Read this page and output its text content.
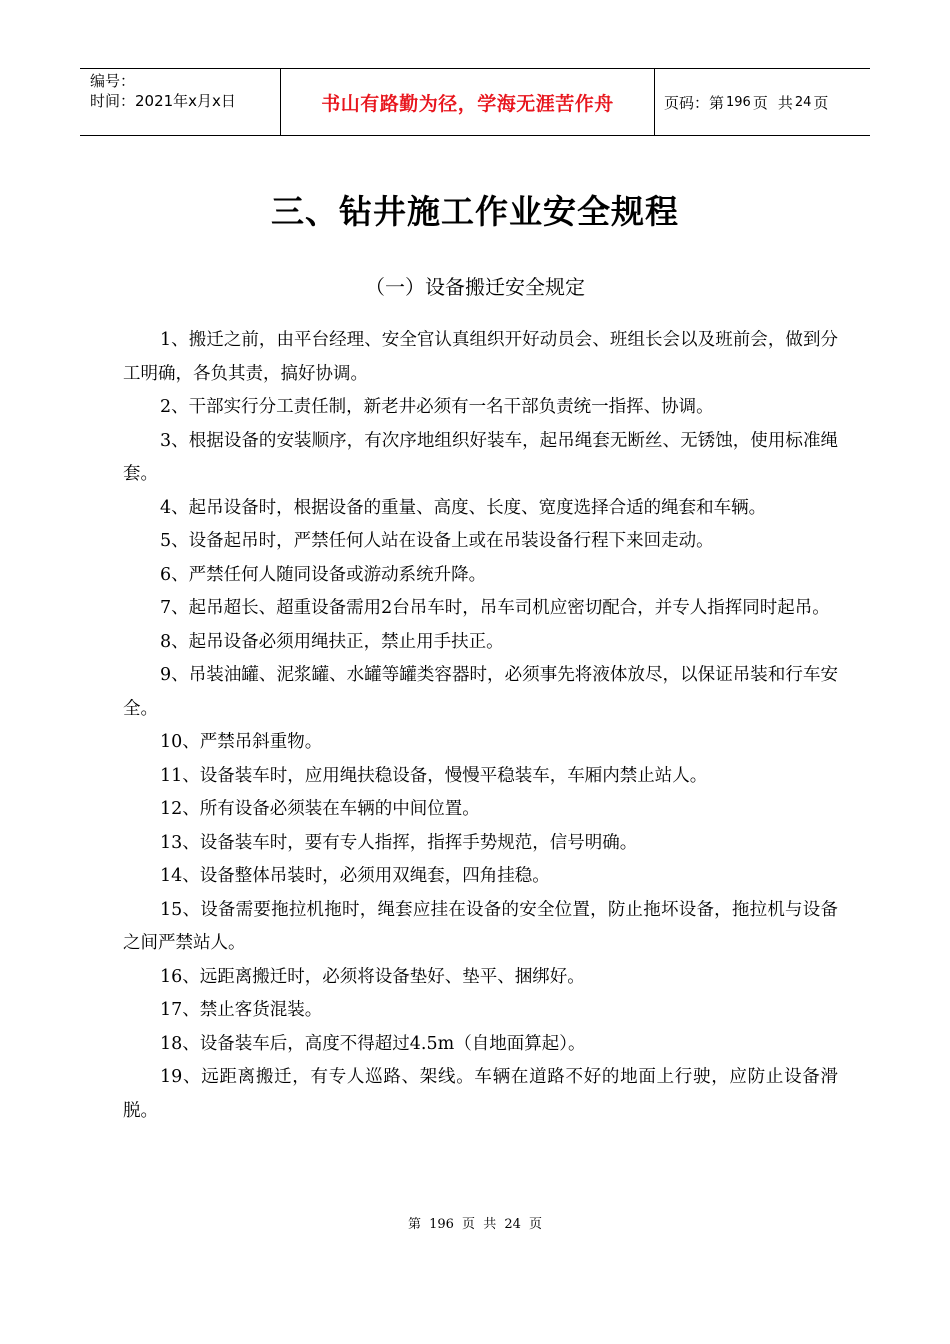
编号：
时间：2021年x月x日	书山有路勤为径，学海无涯苦作舟	页码：第 196 页 共 24 页
三、钻井施工作业安全规程
（一）设备搬迁安全规定

1、搬迁之前，由平台经理、安全官认真组织开好动员会、班组长会以及班前会，做到分工明确，各负其责，搞好协调。

2、干部实行分工责任制，新老井必须有一名干部负责统一指挥、协调。

3、根据设备的安装顺序，有次序地组织好装车，起吊绳套无断丝、无锈蚀，使用标准绳套。

4、起吊设备时，根据设备的重量、高度、长度、宽度选择合适的绳套和车辆。

5、设备起吊时，严禁任何人站在设备上或在吊装设备行程下来回走动。

6、严禁任何人随同设备或游动系统升降。

7、起吊超长、超重设备需用2台吊车时，吊车司机应密切配合，并专人指挥同时起吊。

8、起吊设备必须用绳扶正，禁止用手扶正。

9、吊装油罐、泥浆罐、水罐等罐类容器时，必须事先将液体放尽，以保证吊装和行车安全。

10、严禁吊斜重物。

11、设备装车时，应用绳扶稳设备，慢慢平稳装车，车厢内禁止站人。

12、所有设备必须装在车辆的中间位置。

13、设备装车时，要有专人指挥，指挥手势规范，信号明确。

14、设备整体吊装时，必须用双绳套，四角挂稳。

15、设备需要拖拉机拖时，绳套应挂在设备的安全位置，防止拖坏设备，拖拉机与设备之间严禁站人。

16、远距离搬迁时，必须将设备垫好、垫平、捆绑好。

17、禁止客货混装。

18、设备装车后，高度不得超过4.5m（自地面算起）。

19、远距离搬迁，有专人巡路、架线。车辆在道路不好的地面上行驶，应防止设备滑脱。

第 196 页 共 24 页
